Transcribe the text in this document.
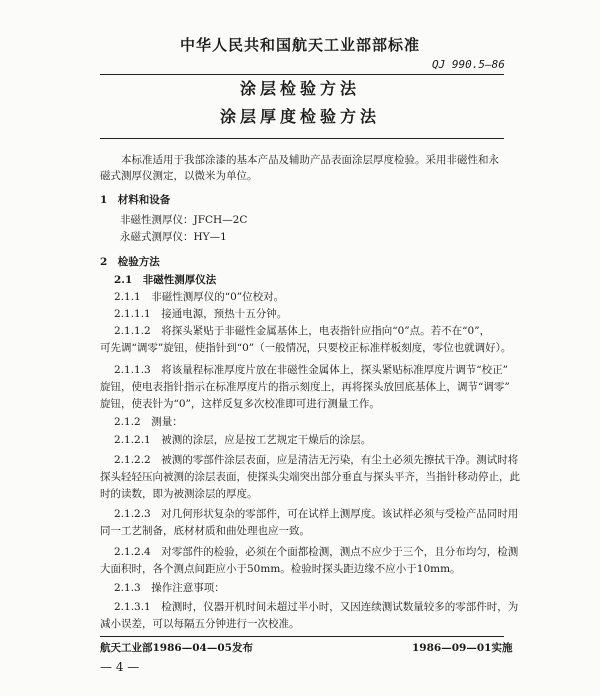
中华人民共和国航天工业部部标准
QJ 990.5—86
涂层检验方法
涂层厚度检验方法
本标准适用于我部涂漆的基本产品及辅助产品表面涂层厚度检验。采用非磁性和永磁式测厚仪测定，以微米为单位。
1　材料和设备
非磁性测厚仪：JFCH—2C
永磁式测厚仪：HY—1
2　检验方法
2.1　非磁性测厚仪法
2.1.1　非磁性测厚仪的“0”位校对。
2.1.1.1　接通电源，预热十五分钟。
2.1.1.2　将探头紧贴于非磁性金属基体上，电表指针应指向“0”点。若不在“0”，
可先调“调零”旋钮，使指针到“0”（一般情况，只要校正标准样板刻度，零位也就调好）。
2.1.1.3　将该量程标准厚度片放在非磁性金属体上，探头紧贴标准厚度片调节“校正”
旋钮，使电表指针指示在标准厚度片的指示刻度上，再将探头放回底基体上，调节“调零”
旋钮，使表针为“0”，这样反复多次校准即可进行测量工作。
2.1.2　测量：
2.1.2.1　被测的涂层，应是按工艺规定干燥后的涂层。
2.1.2.2　被测的零部件涂层表面，应是清洁无污染，有尘土必须先擦拭干净。测试时将
探头轻轻压向被测的涂层表面，使探头尖端突出部分垂直与探头平齐，当指针移动停止，此
时的读数，即为被测涂层的厚度。
2.1.2.3　对几何形状复杂的零部件，可在试样上测厚度。该试样必须与受检产品同时用
同一工艺制备，底材材质和曲处理也应一致。
2.1.2.4　对零部件的检验，必须在个面都检测，测点不应少于三个，且分布均匀，检测
大面积时，各个测点间距应小于50mm。检验时探头距边缘不应小于10mm。
2.1.3　操作注意事项：
2.1.3.1　检测时，仪器开机时间未超过半小时，又因连续测试数量较多的零部件时，为
减小误差，可以每隔五分钟进行一次校准。
航天工业部1986—04—05发布	1986—09—01实施
— 4 —
